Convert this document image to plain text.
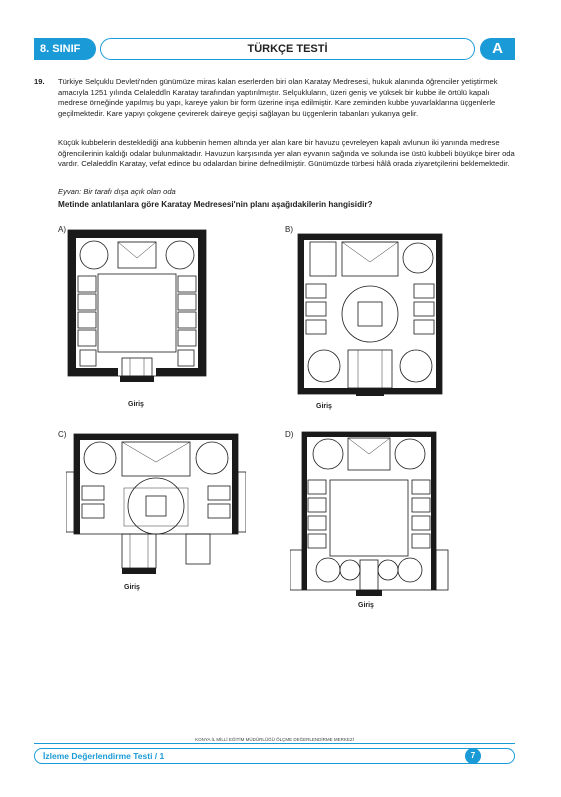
8. SINIF	TÜRKÇE TESTİ	A
19. Türkiye Selçuklu Devleti'nden günümüze miras kalan eserlerden biri olan Karatay Medresesi, hukuk alanında öğrenciler yetiştirmek amacıyla 1251 yılında Celaleddîn Karatay tarafından yaptırılmıştır. Selçukluların, üzeri geniş ve yüksek bir kubbe ile örtülü kapalı medrese örneğinde yapılmış bu yapı, kareye yakın bir form üzerine inşa edilmiştir. Kare zeminden kubbe yuvarlaklarına üçgenlerle geçilmektedir. Kare yapıyı çokgene çevirerek daireye geçişi sağlayan bu üçgenlerin tabanları yukarıya gelir.

Küçük kubbelerin desteklediği ana kubbenin hemen altında yer alan kare bir havuzu çevreleyen kapalı avlunun iki yanında medrese öğrencilerinin kaldığı odalar bulunmaktadır. Havuzun karşısında yer alan eyvanın sağında ve solunda ise üstü kubbeli büyükçe birer oda vardır. Celaleddîn Karatay, vefat edince bu odalardan birine defnedilmiştir. Günümüzde türbesi hâlâ orada ziyaretçilerini beklemektedir.

Eyvan: Bir tarafı dışa açık olan oda

Metinde anlatılanlara göre Karatay Medresesi'nin planı aşağıdakilerin hangisidir?

A)
Giriş
B)
Giriş
C)
Giriş
D)
Giriş
KONYA İL MİLLİ EĞİTİM MÜDÜRLÜĞÜ ÖLÇME DEĞERLENDİRME MERKEZİ
İzleme Değerlendirme Testi / 1	7
